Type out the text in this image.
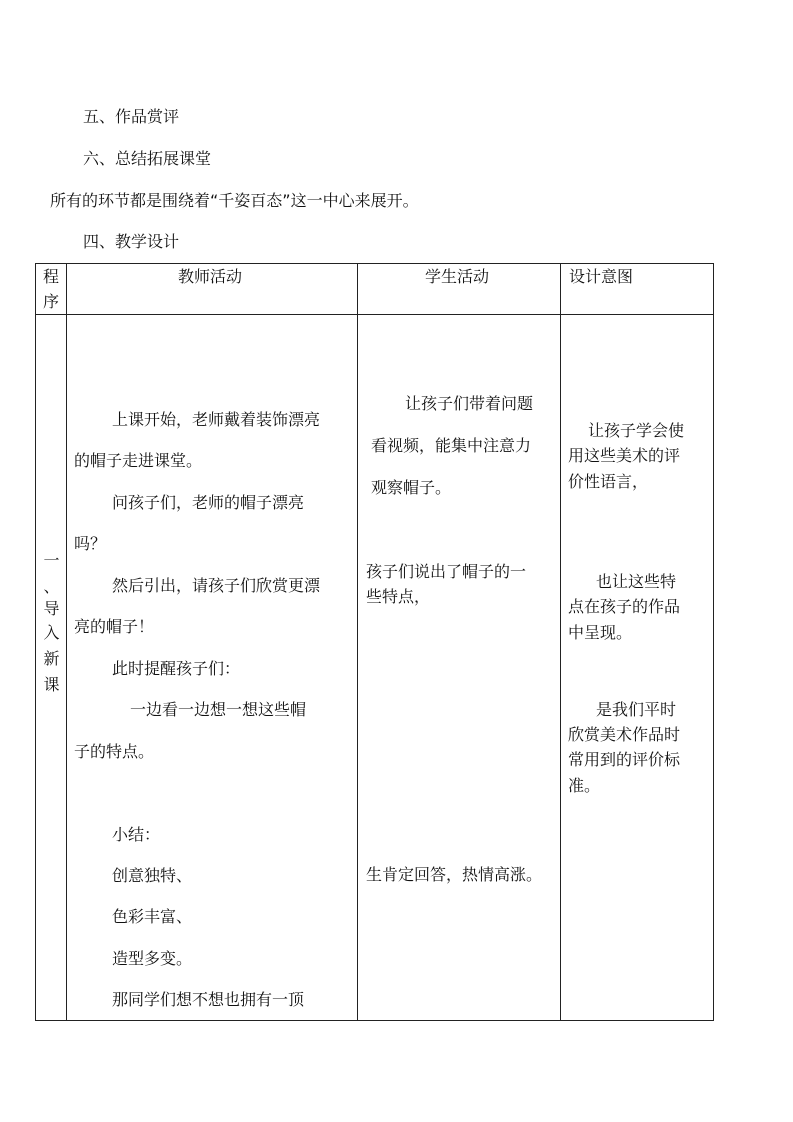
五、作品赏评
六、总结拓展课堂
所有的环节都是围绕着“千姿百态”这一中心来展开。
四、教学设计
程
序
教师活动	学生活动	设计意图
一
、
导
入
新
课
上课开始，老师戴着装饰漂亮
的帽子走进课堂。
问孩子们，老师的帽子漂亮
吗？
然后引出，请孩子们欣赏更漂
亮的帽子！
此时提醒孩子们：
一边看一边想一想这些帽
子的特点。
小结：
创意独特、
色彩丰富、
造型多变。
那同学们想不想也拥有一顶
让孩子们带着问题
看视频，能集中注意力
观察帽子。
孩子们说出了帽子的一
些特点，
生肯定回答，热情高涨。
让孩子学会使
用这些美术的评
价性语言，
也让这些特
点在孩子的作品
中呈现。
是我们平时
欣赏美术作品时
常用到的评价标
准。
